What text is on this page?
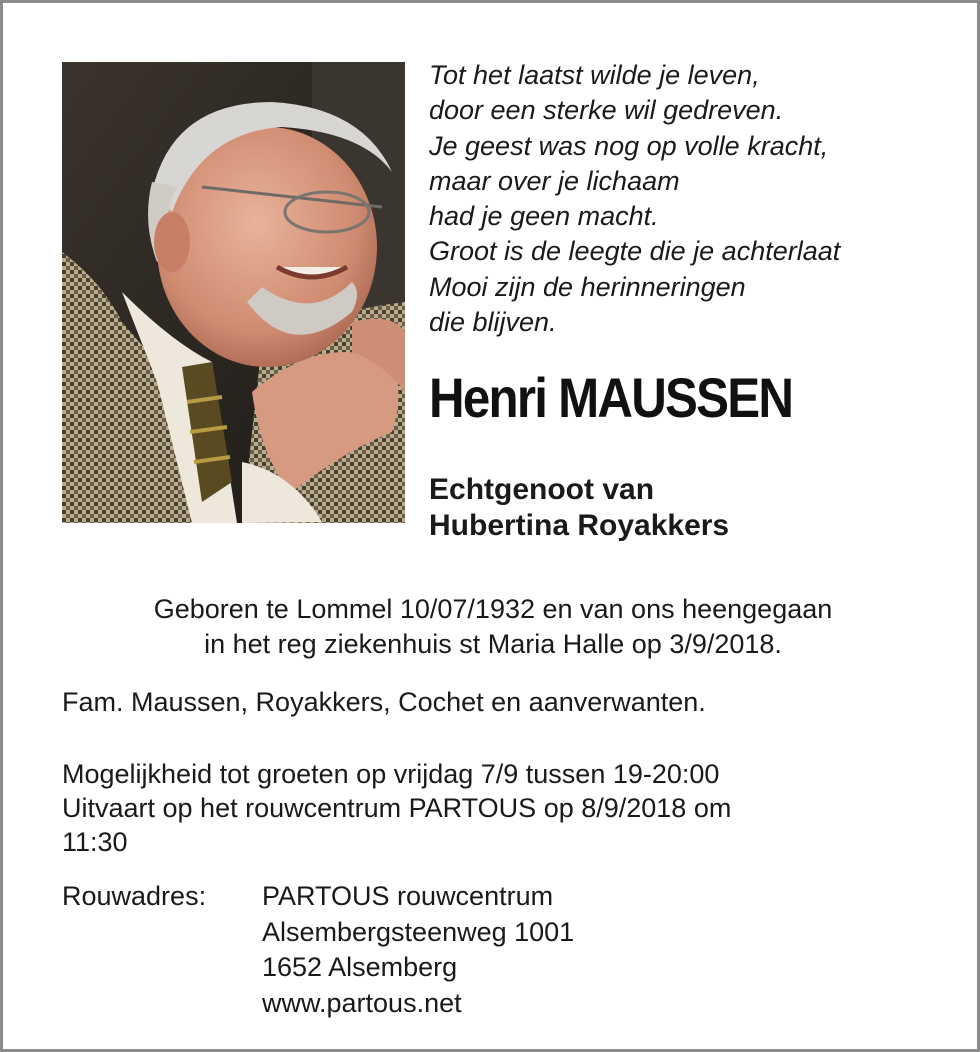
Tot het laatst wilde je leven,
door een sterke wil gedreven.
Je geest was nog op volle kracht,
maar over je lichaam
had je geen macht.
Groot is de leegte die je achterlaat
Mooi zijn de herinneringen
die blijven.
Henri MAUSSEN
Echtgenoot van
Hubertina Royakkers
Geboren te Lommel 10/07/1932 en van ons heengegaan
in het reg ziekenhuis st Maria Halle op 3/9/2018.
Fam. Maussen, Royakkers, Cochet en aanverwanten.
Mogelijkheid tot groeten op vrijdag 7/9 tussen 19-20:00
Uitvaart op het rouwcentrum PARTOUS op 8/9/2018 om
11:30
Rouwadres: PARTOUS rouwcentrum
Alsembergsteenweg 1001
1652 Alsemberg
www.partous.net
